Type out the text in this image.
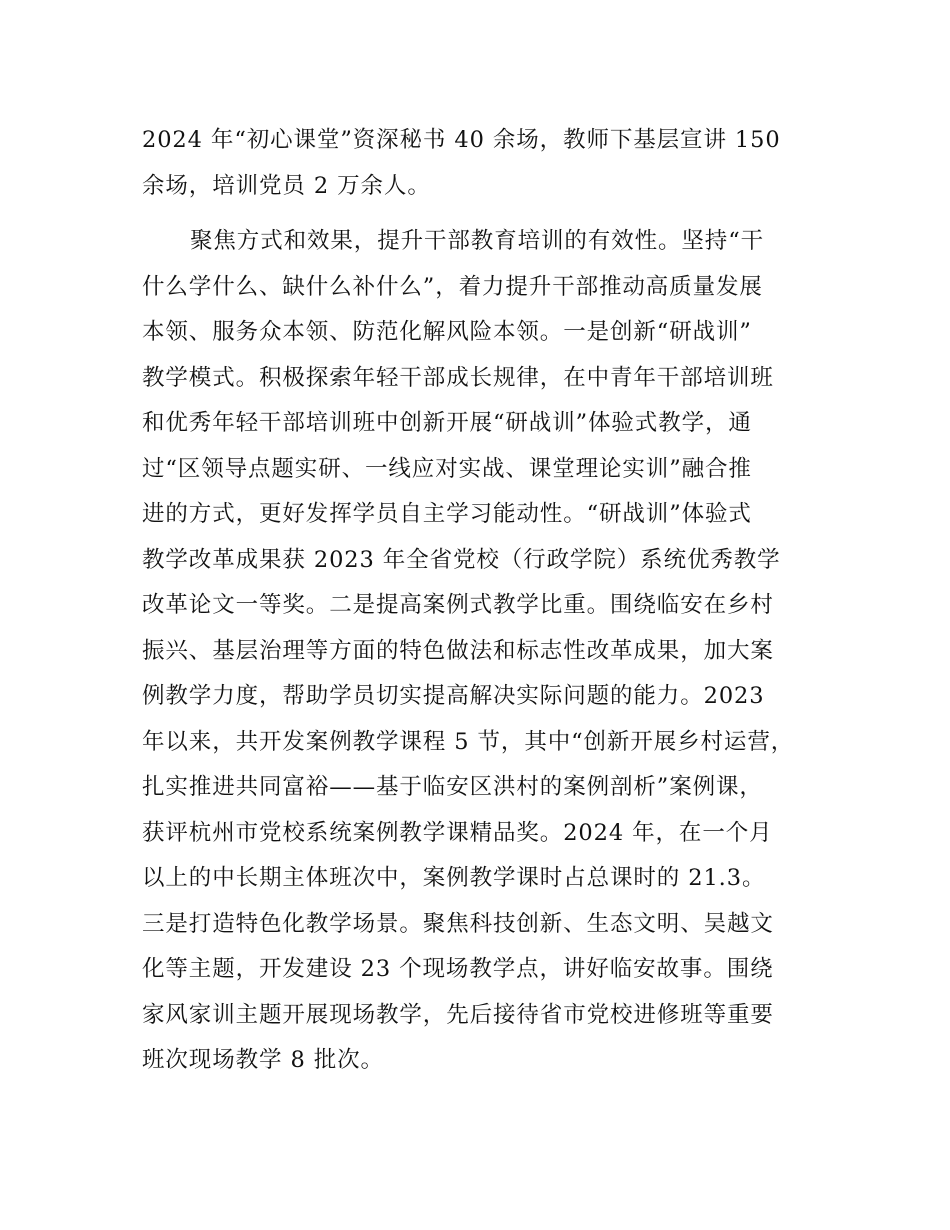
2024 年“初心课堂”资深秘书 40 余场，教师下基层宣讲 150
余场，培训党员 2 万余人。
聚焦方式和效果，提升干部教育培训的有效性。坚持“干
什么学什么、缺什么补什么”，着力提升干部推动高质量发展
本领、服务众本领、防范化解风险本领。一是创新“研战训”
教学模式。积极探索年轻干部成长规律，在中青年干部培训班
和优秀年轻干部培训班中创新开展“研战训”体验式教学，通
过“区领导点题实研、一线应对实战、课堂理论实训”融合推
进的方式，更好发挥学员自主学习能动性。“研战训”体验式
教学改革成果获 2023 年全省党校（行政学院）系统优秀教学
改革论文一等奖。二是提高案例式教学比重。围绕临安在乡村
振兴、基层治理等方面的特色做法和标志性改革成果，加大案
例教学力度，帮助学员切实提高解决实际问题的能力。2023
年以来，共开发案例教学课程 5 节，其中“创新开展乡村运营，
扎实推进共同富裕——基于临安区洪村的案例剖析”案例课，
获评杭州市党校系统案例教学课精品奖。2024 年，在一个月
以上的中长期主体班次中，案例教学课时占总课时的 21.3。
三是打造特色化教学场景。聚焦科技创新、生态文明、吴越文
化等主题，开发建设 23 个现场教学点，讲好临安故事。围绕
家风家训主题开展现场教学，先后接待省市党校进修班等重要
班次现场教学 8 批次。
